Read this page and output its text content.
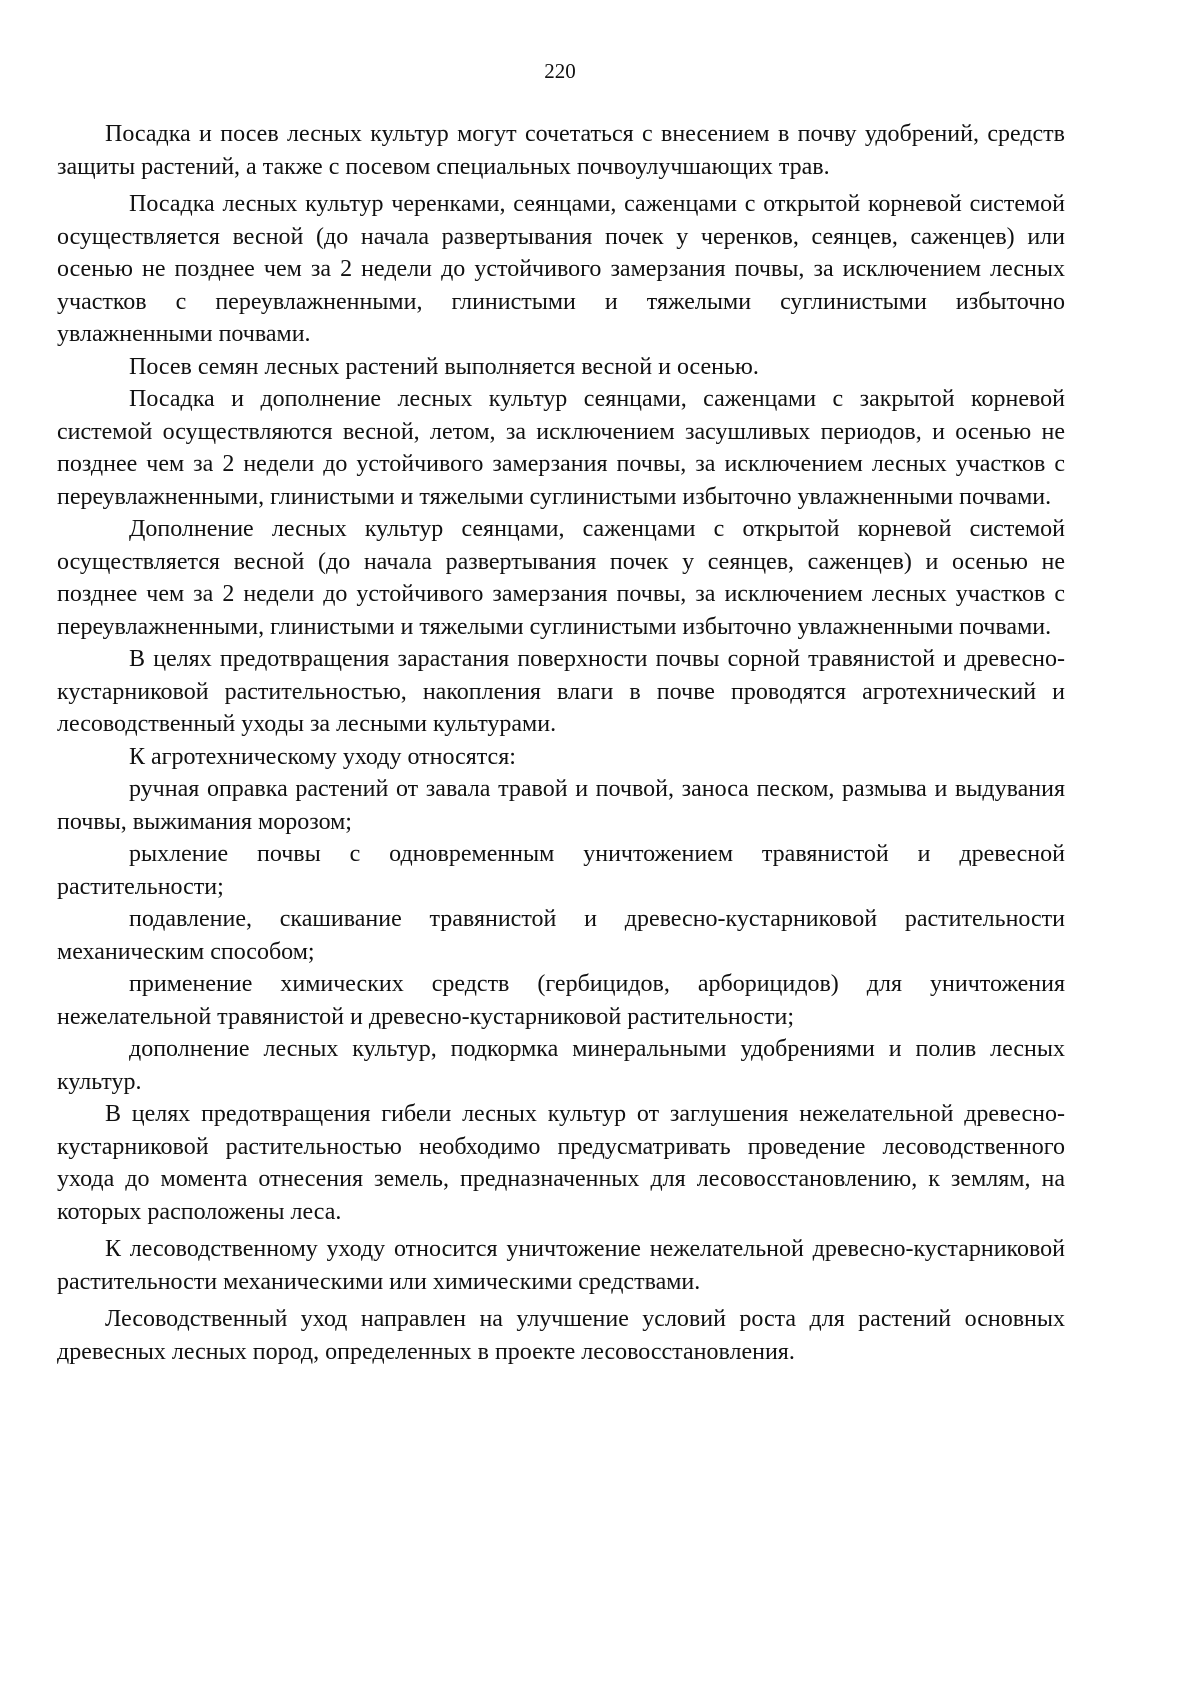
220

Посадка и посев лесных культур могут сочетаться с внесением в почву удобрений, средств защиты растений, а также с посевом специальных почвоулучшающих трав.

Посадка лесных культур черенками, сеянцами, саженцами с открытой корневой системой осуществляется весной (до начала развертывания почек у черенков, сеянцев, саженцев) или осенью не позднее чем за 2 недели до устойчивого замерзания почвы, за исключением лесных участков с переувлажненными, глинистыми и тяжелыми суглинистыми избыточно увлажненными почвами.

Посев семян лесных растений выполняется весной и осенью.

Посадка и дополнение лесных культур сеянцами, саженцами с закрытой корневой системой осуществляются весной, летом, за исключением засушливых периодов, и осенью не позднее чем за 2 недели до устойчивого замерзания почвы, за исключением лесных участков с переувлажненными, глинистыми и тяжелыми суглинистыми избыточно увлажненными почвами.

Дополнение лесных культур сеянцами, саженцами с открытой корневой системой осуществляется весной (до начала развертывания почек у сеянцев, саженцев) и осенью не позднее чем за 2 недели до устойчивого замерзания почвы, за исключением лесных участков с переувлажненными, глинистыми и тяжелыми суглинистыми избыточно увлажненными почвами.

В целях предотвращения зарастания поверхности почвы сорной травянистой и древесно-кустарниковой растительностью, накопления влаги в почве проводятся агротехнический и лесоводственный уходы за лесными культурами.

К агротехническому уходу относятся:

ручная оправка растений от завала травой и почвой, заноса песком, размыва и выдувания почвы, выжимания морозом;

рыхление почвы с одновременным уничтожением травянистой и древесной растительности;

подавление, скашивание травянистой и древесно-кустарниковой растительности механическим способом;

применение химических средств (гербицидов, арборицидов) для уничтожения нежелательной травянистой и древесно-кустарниковой растительности;

дополнение лесных культур, подкормка минеральными удобрениями и полив лесных культур.

В целях предотвращения гибели лесных культур от заглушения нежелательной древесно-кустарниковой растительностью необходимо предусматривать проведение лесоводственного ухода до момента отнесения земель, предназначенных для лесовосстановлению, к землям, на которых расположены леса.

К лесоводственному уходу относится уничтожение нежелательной древесно-кустарниковой растительности механическими или химическими средствами.

Лесоводственный уход направлен на улучшение условий роста для растений основных древесных лесных пород, определенных в проекте лесовосстановления.
